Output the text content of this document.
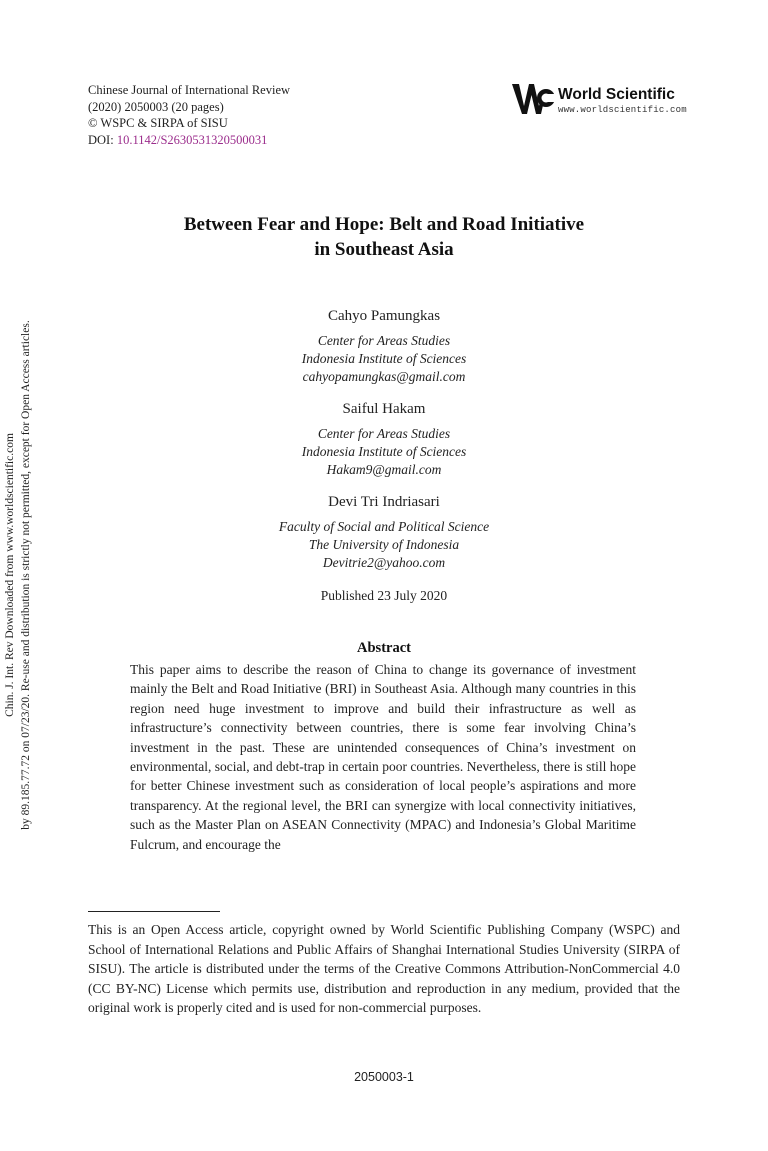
Chin. J. Int. Rev Downloaded from www.worldscientific.com by 89.185.77.72 on 07/23/20. Re-use and distribution is strictly not permitted, except for Open Access articles.
Chinese Journal of International Review
(2020) 2050003 (20 pages)
© WSPC & SIRPA of SISU
DOI: 10.1142/S2630531320500031
World Scientific
www.worldscientific.com
Between Fear and Hope: Belt and Road Initiative
in Southeast Asia
Cahyo Pamungkas
Center for Areas Studies
Indonesia Institute of Sciences
cahyopamungkas@gmail.com
Saiful Hakam
Center for Areas Studies
Indonesia Institute of Sciences
Hakam9@gmail.com
Devi Tri Indriasari
Faculty of Social and Political Science
The University of Indonesia
Devitrie2@yahoo.com
Published 23 July 2020
Abstract
This paper aims to describe the reason of China to change its governance of investment mainly the Belt and Road Initiative (BRI) in Southeast Asia. Although many countries in this region need huge investment to improve and build their infrastructure as well as infrastructure’s connectivity between countries, there is some fear involving China’s investment in the past. These are unintended consequences of China’s investment on environmental, social, and debt-trap in certain poor countries. Nevertheless, there is still hope for better Chinese investment such as consideration of local people’s aspirations and more transparency. At the regional level, the BRI can synergize with local connectivity initiatives, such as the Master Plan on ASEAN Connectivity (MPAC) and Indonesia’s Global Maritime Fulcrum, and encourage the
This is an Open Access article, copyright owned by World Scientific Publishing Company (WSPC) and School of International Relations and Public Affairs of Shanghai International Studies University (SIRPA of SISU). The article is distributed under the terms of the Creative Commons Attribution-NonCommercial 4.0 (CC BY-NC) License which permits use, distribution and reproduction in any medium, provided that the original work is properly cited and is used for non-commercial purposes.
2050003-1
